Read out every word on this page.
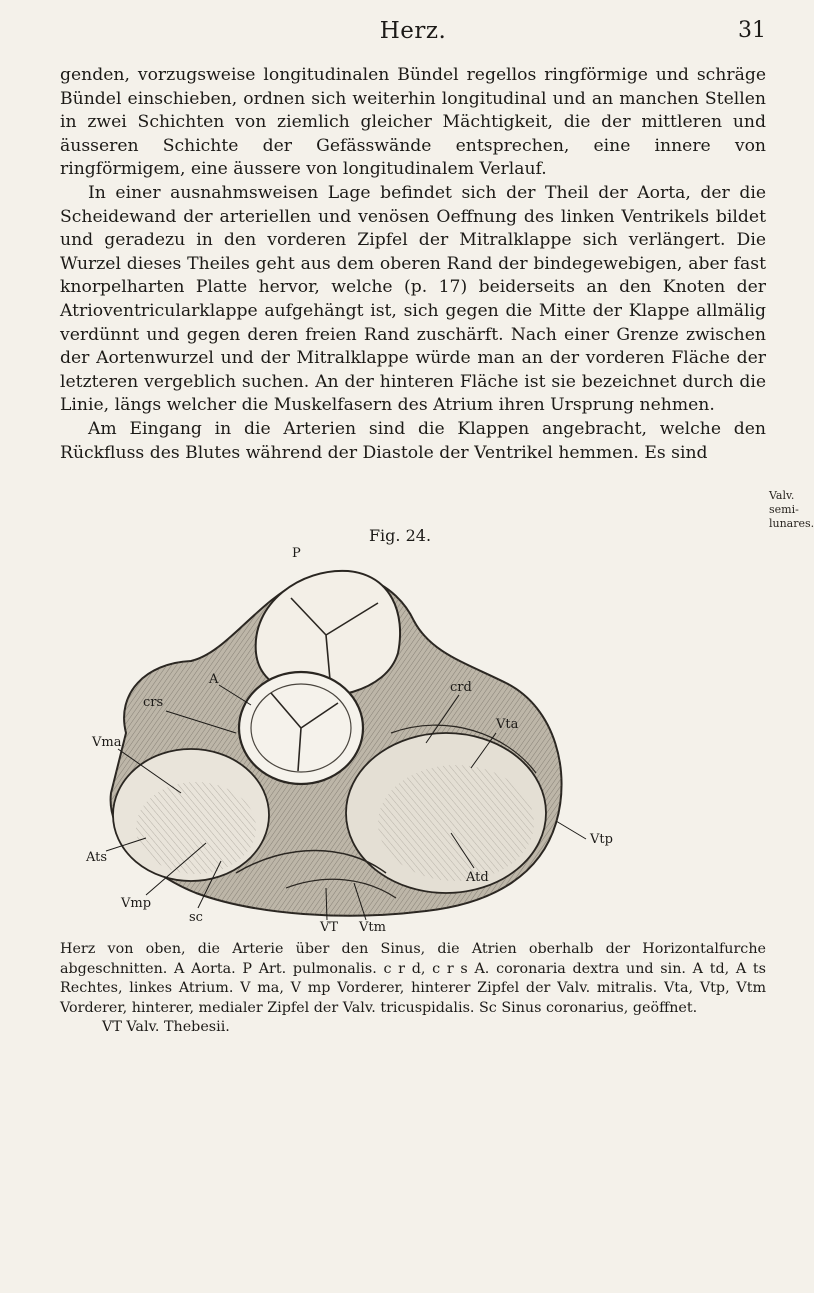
Herz.	31

genden, vorzugsweise longitudinalen Bündel regellos ringförmige und schräge Bündel einschieben, ordnen sich weiterhin longitudinal und an manchen Stellen in zwei Schichten von ziemlich gleicher Mächtigkeit, die der mittleren und äusseren Schichte der Gefässwände entsprechen, eine innere von ringförmigem, eine äussere von longitudinalem Verlauf.

In einer ausnahmsweisen Lage befindet sich der Theil der Aorta, der die Scheidewand der arteriellen und venösen Oeffnung des linken Ventrikels bildet und geradezu in den vorderen Zipfel der Mitralklappe sich verlängert. Die Wurzel dieses Theiles geht aus dem oberen Rand der bindegewebigen, aber fast knorpelharten Platte hervor, welche (p. 17) beiderseits an den Knoten der Atrioventricularklappe aufgehängt ist, sich gegen die Mitte der Klappe allmälig verdünnt und gegen deren freien Rand zuschärft. Nach einer Grenze zwischen der Aortenwurzel und der Mitralklappe würde man an der vorderen Fläche der letzteren vergeblich suchen. An der hinteren Fläche ist sie bezeichnet durch die Linie, längs welcher die Muskelfasern des Atrium ihren Ursprung nehmen.

Am Eingang in die Arterien sind die Klappen angebracht, welche den Rückfluss des Blutes während der Diastole der Ventrikel hemmen. Es sind

Valv. semi-
lunares.
Fig. 24.
P
A
crd
crs
Vta
Vma
Ats
Vtp
Atd
Vmp
sc
VT Vtm
Herz von oben, die Arterie über den Sinus, die Atrien oberhalb der Horizontalfurche abgeschnitten. A Aorta. P Art. pulmonalis. c r d, c r s A. coronaria dextra und sin. A td, A ts Rechtes, linkes Atrium. V ma, V mp Vorderer, hinterer Zipfel der Valv. mitralis. Vta, Vtp, Vtm Vorderer, hinterer, medialer Zipfel der Valv. tricuspidalis. Sc Sinus coronarius, geöffnet.
VT Valv. Thebesii.
